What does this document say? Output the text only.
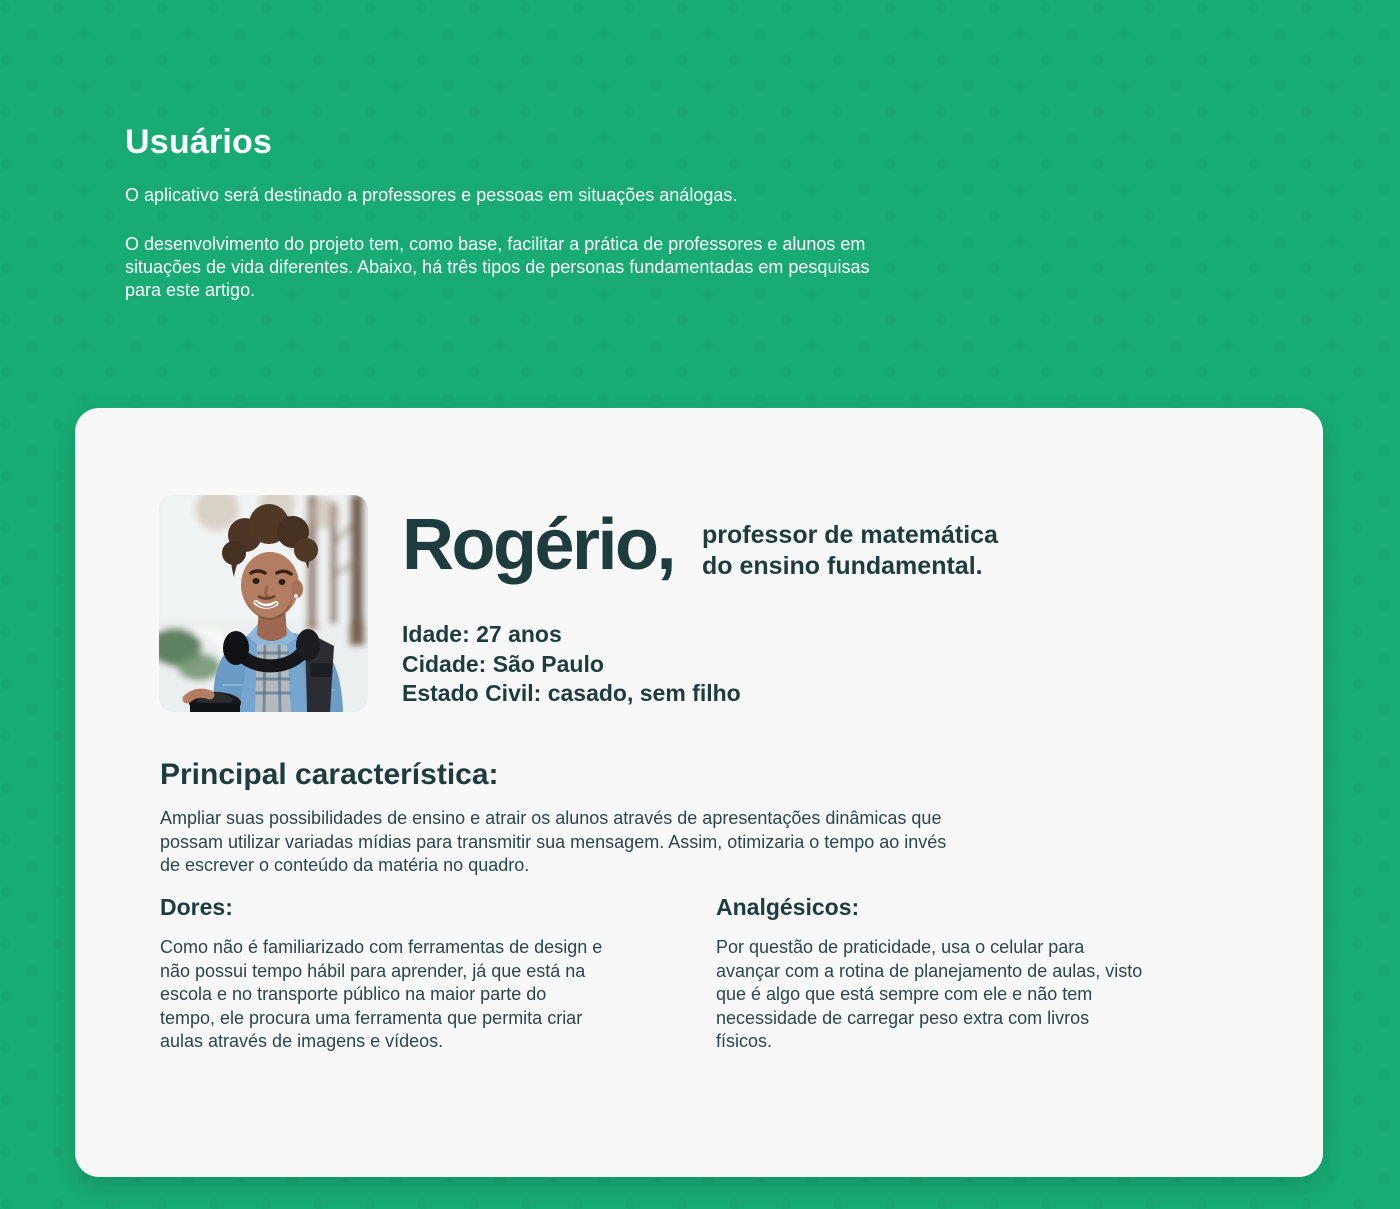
Usuários

O aplicativo será destinado a professores e pessoas em situações análogas.

O desenvolvimento do projeto tem, como base, facilitar a prática de professores e alunos em situações de vida diferentes. Abaixo, há três tipos de personas fundamentadas em pesquisas para este artigo.

Rogério, professor de matemática
do ensino fundamental.
Idade: 27 anos
Cidade: São Paulo
Estado Civil: casado, sem filho
Principal característica:

Ampliar suas possibilidades de ensino e atrair os alunos através de apresentações dinâmicas que possam utilizar variadas mídias para transmitir sua mensagem. Assim, otimizaria o tempo ao invés de escrever o conteúdo da matéria no quadro.

Dores:

Como não é familiarizado com ferramentas de design e não possui tempo hábil para aprender, já que está na escola e no transporte público na maior parte do tempo, ele procura uma ferramenta que permita criar aulas através de imagens e vídeos.

Analgésicos:

Por questão de praticidade, usa o celular para avançar com a rotina de planejamento de aulas, visto que é algo que está sempre com ele e não tem necessidade de carregar peso extra com livros físicos.
